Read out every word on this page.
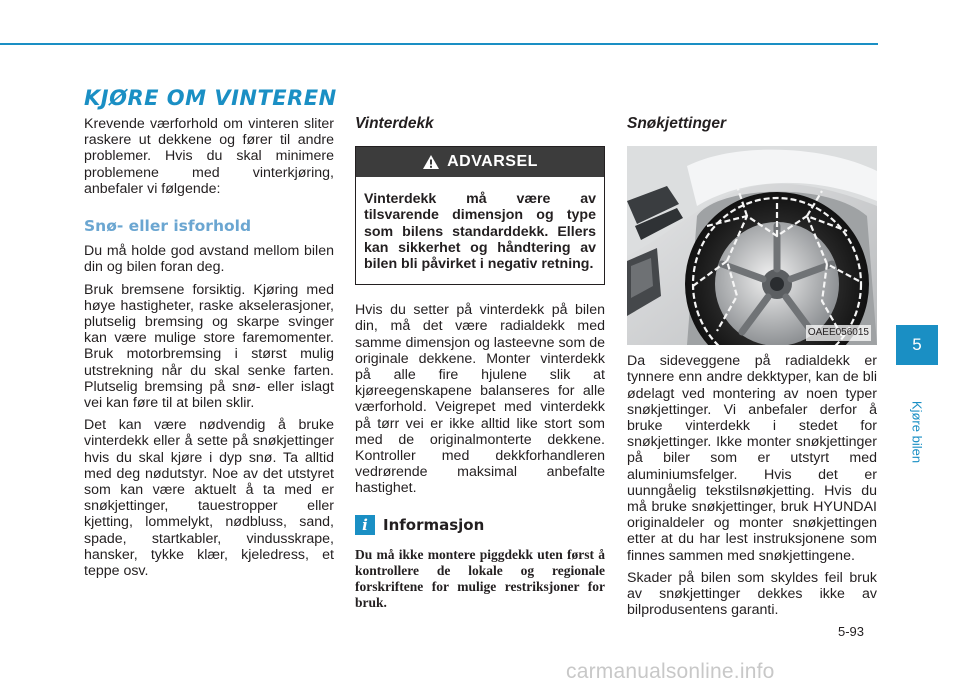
KJØRE OM VINTEREN

Krevende værforhold om vinteren sliter raskere ut dekkene og fører til andre problemer. Hvis du skal minimere problemene med vinterkjøring, anbefaler vi følgende:

Snø- eller isforhold

Du må holde god avstand mellom bilen din og bilen foran deg.

Bruk bremsene forsiktig. Kjøring med høye hastigheter, raske akselerasjoner, plutselig bremsing og skarpe svinger kan være mulige store faremomenter. Bruk motorbremsing i størst mulig utstrekning når du skal senke farten. Plutselig bremsing på snø- eller islagt vei kan føre til at bilen sklir.

Det kan være nødvendig å bruke vinterdekk eller å sette på snøkjettinger hvis du skal kjøre i dyp snø. Ta alltid med deg nødutstyr. Noe av det utstyret som kan være aktuelt å ta med er snøkjettinger, tauestropper eller kjetting, lommelykt, nødbluss, sand, spade, startkabler, vindusskrape, hansker, tykke klær, kjeledress, et teppe osv.

Vinterdekk
ADVARSEL
Vinterdekk må være av tilsvarende dimensjon og type som bilens standarddekk. Ellers kan sikkerhet og håndtering av bilen bli påvirket i negativ retning.

Hvis du setter på vinterdekk på bilen din, må det være radialdekk med samme dimensjon og lasteevne som de originale dekkene. Monter vinterdekk på alle fire hjulene slik at kjøreegenskapene balanseres for alle værforhold. Veigrepet med vinterdekk på tørr vei er ikke alltid like stort som med de originalmonterte dekkene. Kontroller med dekkforhandleren vedrørende maksimal anbefalte hastighet.

i	Informasjon

Du må ikke montere piggdekk uten først å kontrollere de lokale og regionale forskriftene for mulige restriksjoner for bruk.

Snøkjettinger
OAEE056015

Da sideveggene på radialdekk er tynnere enn andre dekktyper, kan de bli ødelagt ved montering av noen typer snøkjettinger. Vi anbefaler derfor å bruke vinterdekk i stedet for snøkjettinger. Ikke monter snøkjettinger på biler som er utstyrt med aluminiumsfelger. Hvis det er uunngåelig tekstilsnøkjetting. Hvis du må bruke snøkjettinger, bruk HYUNDAI originaldeler og monter snøkjettingen etter at du har lest instruksjonene som finnes sammen med snøkjettingene.

Skader på bilen som skyldes feil bruk av snøkjettinger dekkes ikke av bilprodusentens garanti.

5
Kjøre bilen
5-93
carmanualsonline.info
